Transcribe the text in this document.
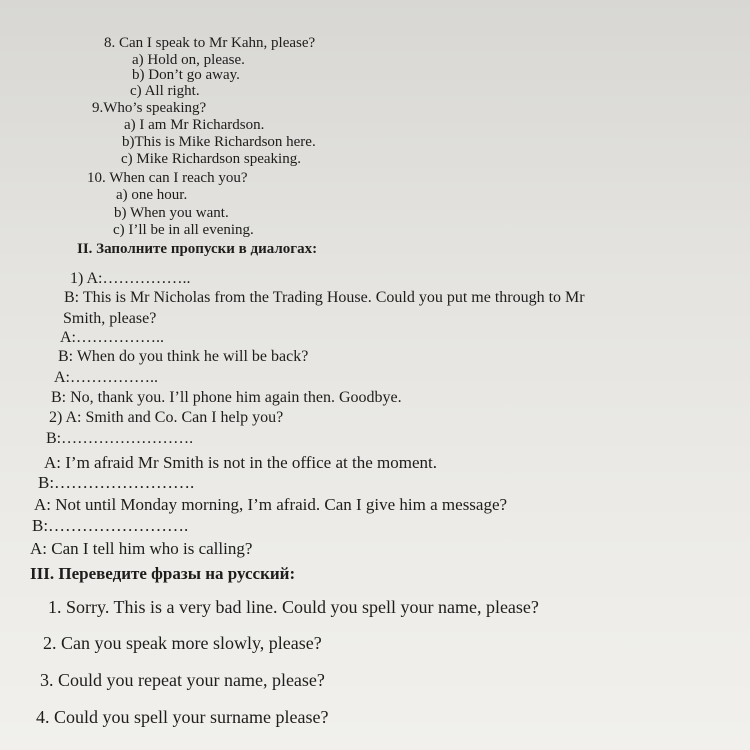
8. Can I speak to Mr Kahn, please?
a) Hold on, please.
b) Don’t go away.
c) All right.
9.Who’s speaking?
a) I am Mr Richardson.
b)This is Mike Richardson here.
c) Mike Richardson speaking.
10. When can I reach you?
a) one hour.
b) When you want.
c) I’ll be in all evening.
II. Заполните пропуски в диалогах:
1) A:……………..
B: This is Mr Nicholas from the Trading House. Could you put me through to Mr
Smith, please?
A:……………..
B: When do you think he will be back?
A:……………..
B: No, thank you. I’ll phone him again then. Goodbye.
2) A: Smith and Co. Can I help you?
B:…………………….
A: I’m afraid Mr Smith is not in the office at the moment.
B:…………………….
A: Not until Monday morning, I’m afraid. Can I give him a message?
B:…………………….
A: Can I tell him who is calling?
III. Переведите фразы на русский:
1. Sorry. This is a very bad line. Could you spell your name, please?
2. Can you speak more slowly, please?
3. Could you repeat your name, please?
4. Could you spell your surname please?
